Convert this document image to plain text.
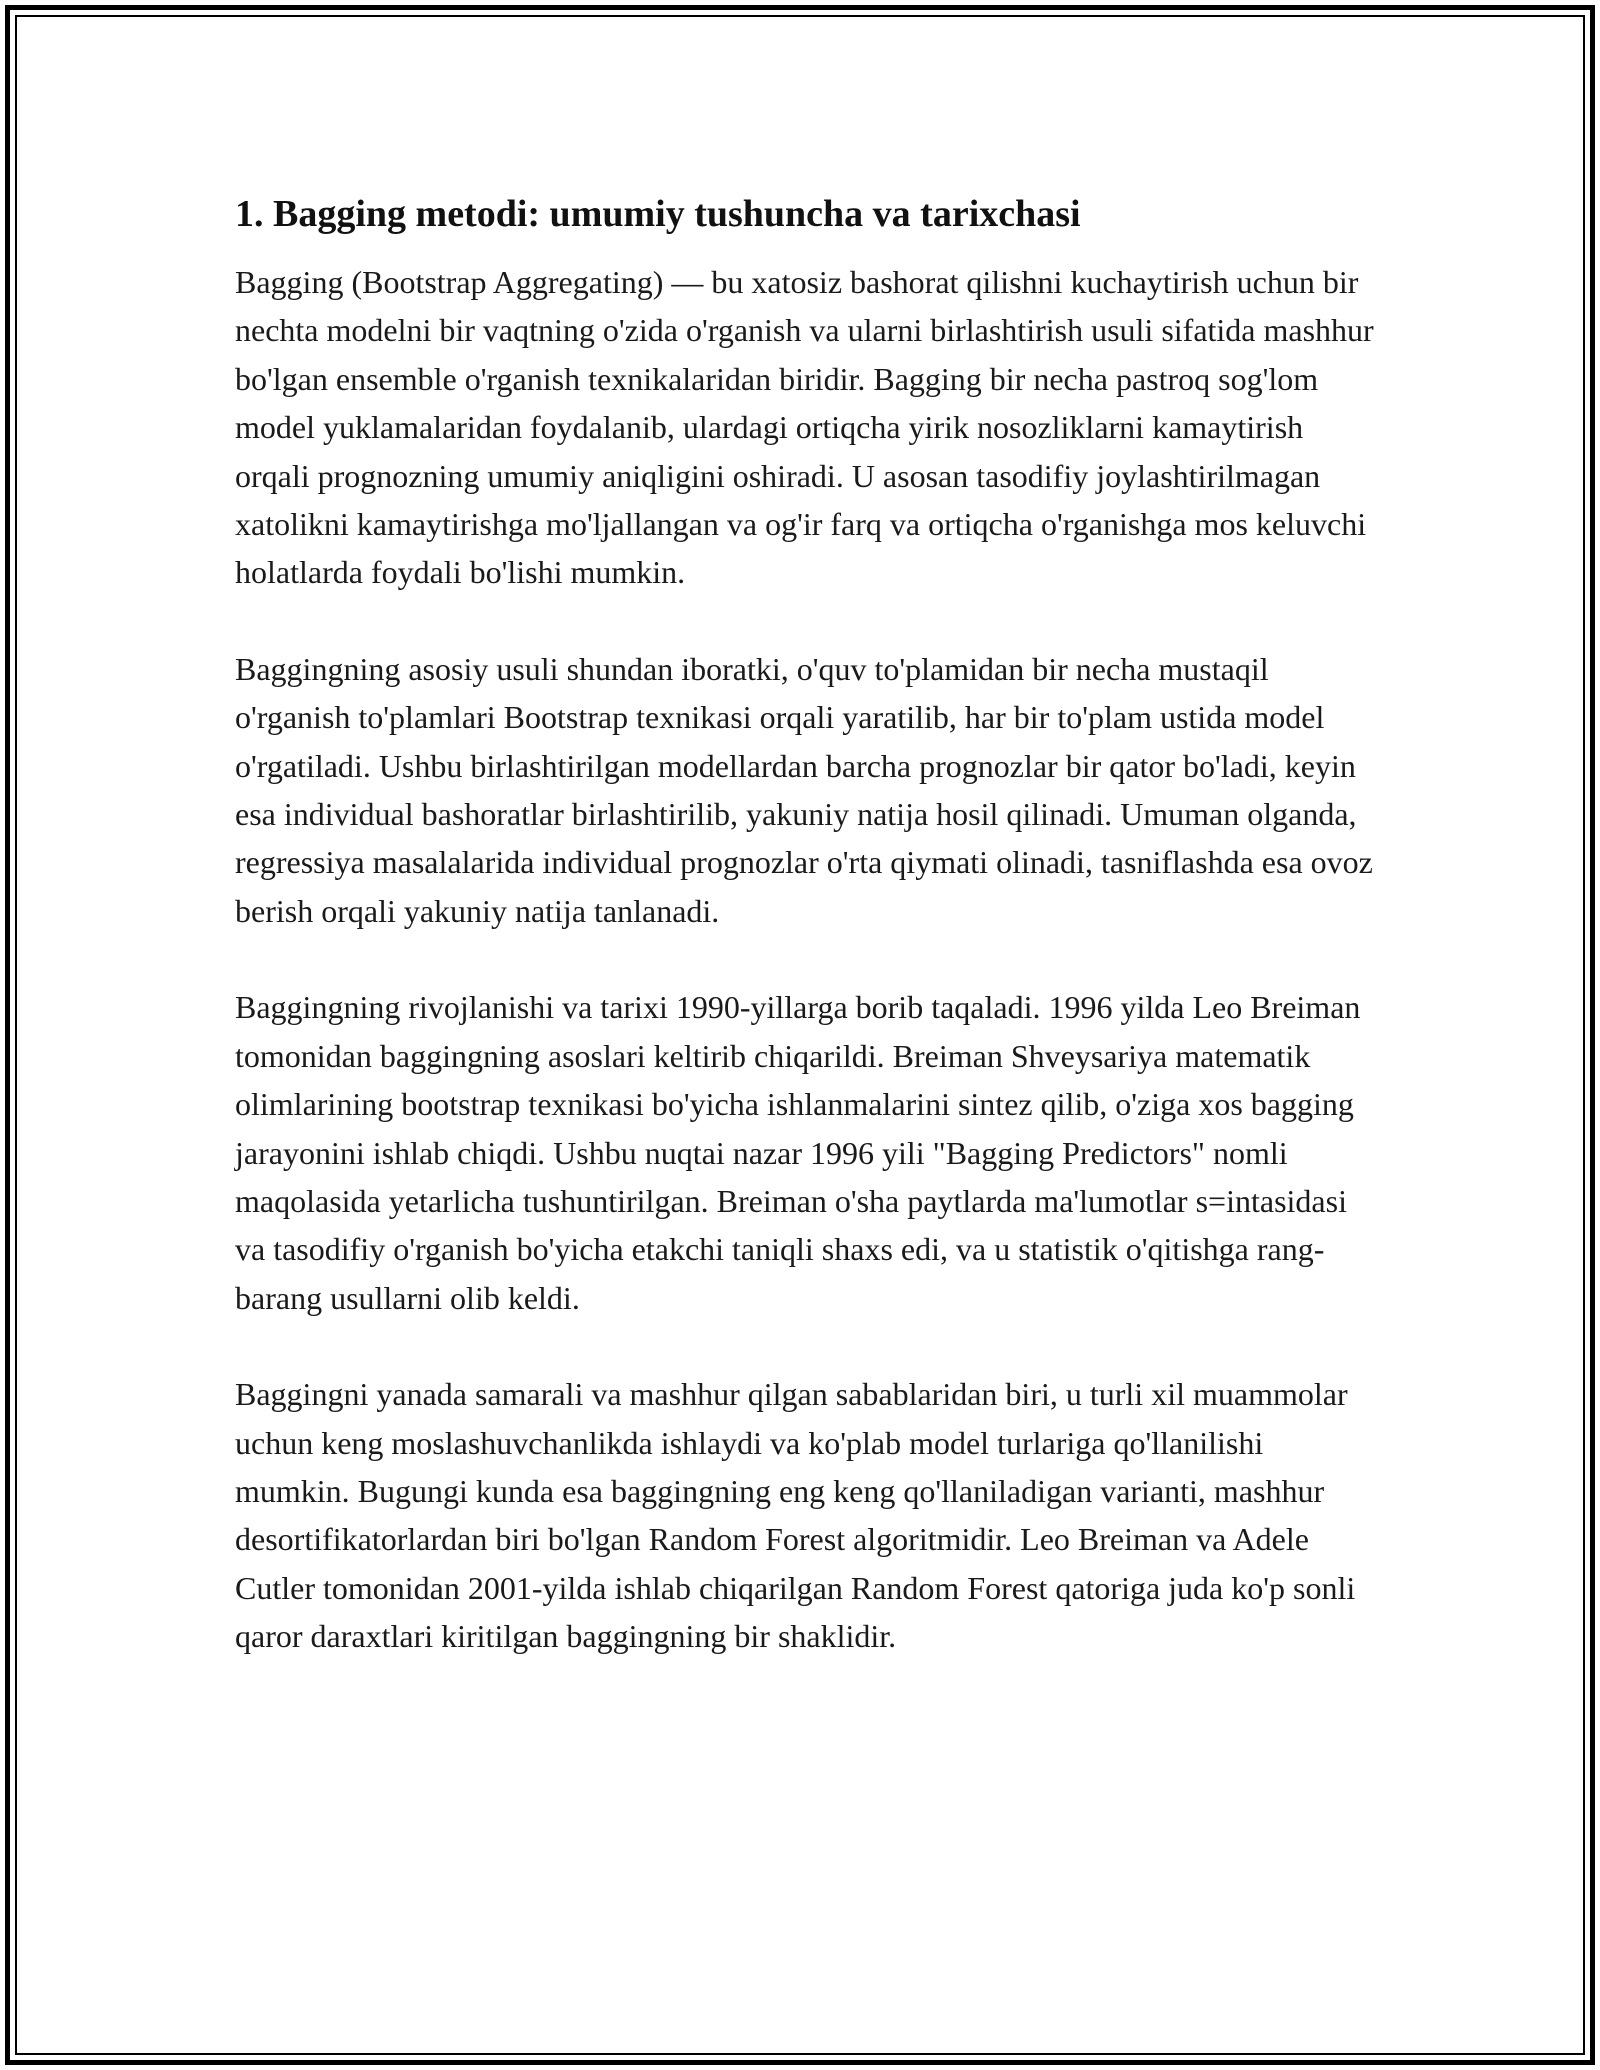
1. Bagging metodi: umumiy tushuncha va tarixchasi

Bagging (Bootstrap Aggregating) — bu xatosiz bashorat qilishni kuchaytirish uchun bir nechta modelni bir vaqtning o'zida o'rganish va ularni birlashtirish usuli sifatida mashhur bo'lgan ensemble o'rganish texnikalaridan biridir. Bagging bir necha pastroq sog'lom model yuklamalaridan foydalanib, ulardagi ortiqcha yirik nosozliklarni kamaytirish orqali prognozning umumiy aniqligini oshiradi. U asosan tasodifiy joylashtirilmagan xatolikni kamaytirishga mo'ljallangan va og'ir farq va ortiqcha o'rganishga mos keluvchi holatlarda foydali bo'lishi mumkin.

Baggingning asosiy usuli shundan iboratki, o'quv to'plamidan bir necha mustaqil o'rganish to'plamlari Bootstrap texnikasi orqali yaratilib, har bir to'plam ustida model o'rgatiladi. Ushbu birlashtirilgan modellardan barcha prognozlar bir qator bo'ladi, keyin esa individual bashoratlar birlashtirilib, yakuniy natija hosil qilinadi. Umuman olganda, regressiya masalalarida individual prognozlar o'rta qiymati olinadi, tasniflashda esa ovoz berish orqali yakuniy natija tanlanadi.

Baggingning rivojlanishi va tarixi 1990-yillarga borib taqaladi. 1996 yilda Leo Breiman tomonidan baggingning asoslari keltirib chiqarildi. Breiman Shveysariya matematik olimlarining bootstrap texnikasi bo'yicha ishlanmalarini sintez qilib, o'ziga xos bagging jarayonini ishlab chiqdi. Ushbu nuqtai nazar 1996 yili "Bagging Predictors" nomli maqolasida yetarlicha tushuntirilgan. Breiman o'sha paytlarda ma'lumotlar s=intasidasi va tasodifiy o'rganish bo'yicha etakchi taniqli shaxs edi, va u statistik o'qitishga rang-barang usullarni olib keldi.

Baggingni yanada samarali va mashhur qilgan sabablaridan biri, u turli xil muammolar uchun keng moslashuvchanlikda ishlaydi va ko'plab model turlariga qo'llanilishi mumkin. Bugungi kunda esa baggingning eng keng qo'llaniladigan varianti, mashhur desortifikatorlardan biri bo'lgan Random Forest algoritmidir. Leo Breiman va Adele Cutler tomonidan 2001-yilda ishlab chiqarilgan Random Forest qatoriga juda ko'p sonli qaror daraxtlari kiritilgan baggingning bir shaklidir.
